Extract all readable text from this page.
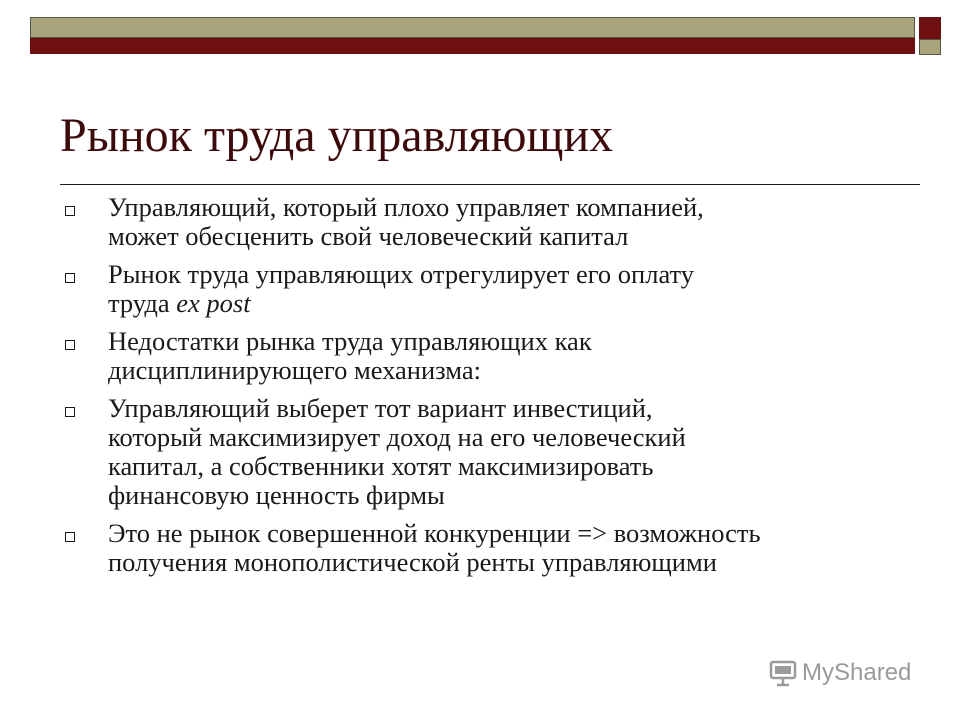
Рынок труда управляющих
Управляющий, который плохо управляет компанией,
может обесценить свой человеческий капитал
Рынок труда управляющих отрегулирует его оплату
труда ex post
Недостатки рынка труда управляющих как
дисциплинирующего механизма:
Управляющий выберет тот вариант инвестиций,
который максимизирует доход на его человеческий
капитал, а собственники хотят максимизировать
финансовую ценность фирмы
Это не рынок совершенной конкуренции => возможность
получения монополистической ренты управляющими
MyShared
